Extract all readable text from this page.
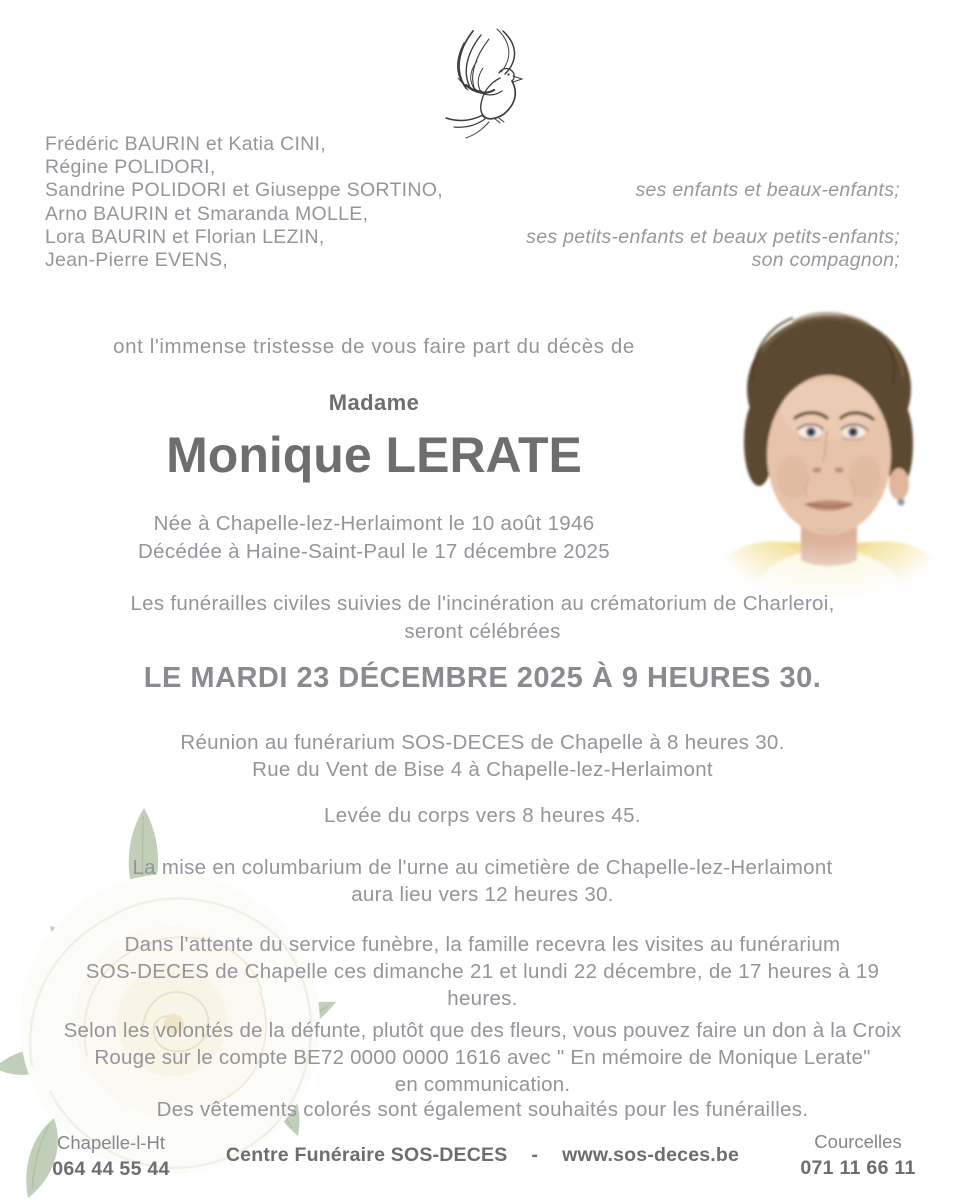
Frédéric BAURIN et Katia CINI,
Régine POLIDORI,
Sandrine POLIDORI et Giuseppe SORTINO,	ses enfants et beaux-enfants;
Arno BAURIN et Smaranda MOLLE,
Lora BAURIN et Florian LEZIN,	ses petits-enfants et beaux petits-enfants;
Jean-Pierre EVENS,	son compagnon;
ont l'immense tristesse de vous faire part du décès de
Madame
Monique LERATE
Née à Chapelle-lez-Herlaimont le 10 août 1946
Décédée à Haine-Saint-Paul le 17 décembre 2025
Les funérailles civiles suivies de l'incinération au crématorium de Charleroi,
seront célébrées
LE MARDI 23 DÉCEMBRE 2025 À 9 HEURES 30.
Réunion au funérarium SOS-DECES de Chapelle à 8 heures 30.
Rue du Vent de Bise 4 à Chapelle-lez-Herlaimont
Levée du corps vers 8 heures 45.
La mise en columbarium de l'urne au cimetière de Chapelle-lez-Herlaimont
aura lieu vers 12 heures 30.
Dans l'attente du service funèbre, la famille recevra les visites au funérarium
SOS-DECES de Chapelle ces dimanche 21 et lundi 22 décembre, de 17 heures à 19
heures.
Selon les volontés de la défunte, plutôt que des fleurs, vous pouvez faire un don à la Croix
Rouge sur le compte BE72 0000 0000 1616 avec " En mémoire de Monique Lerate"
en communication.
Des vêtements colorés sont également souhaités pour les funérailles.
Chapelle-l-Ht
064 44 55 44
Centre Funéraire SOS-DECES - www.sos-deces.be
Courcelles
071 11 66 11
